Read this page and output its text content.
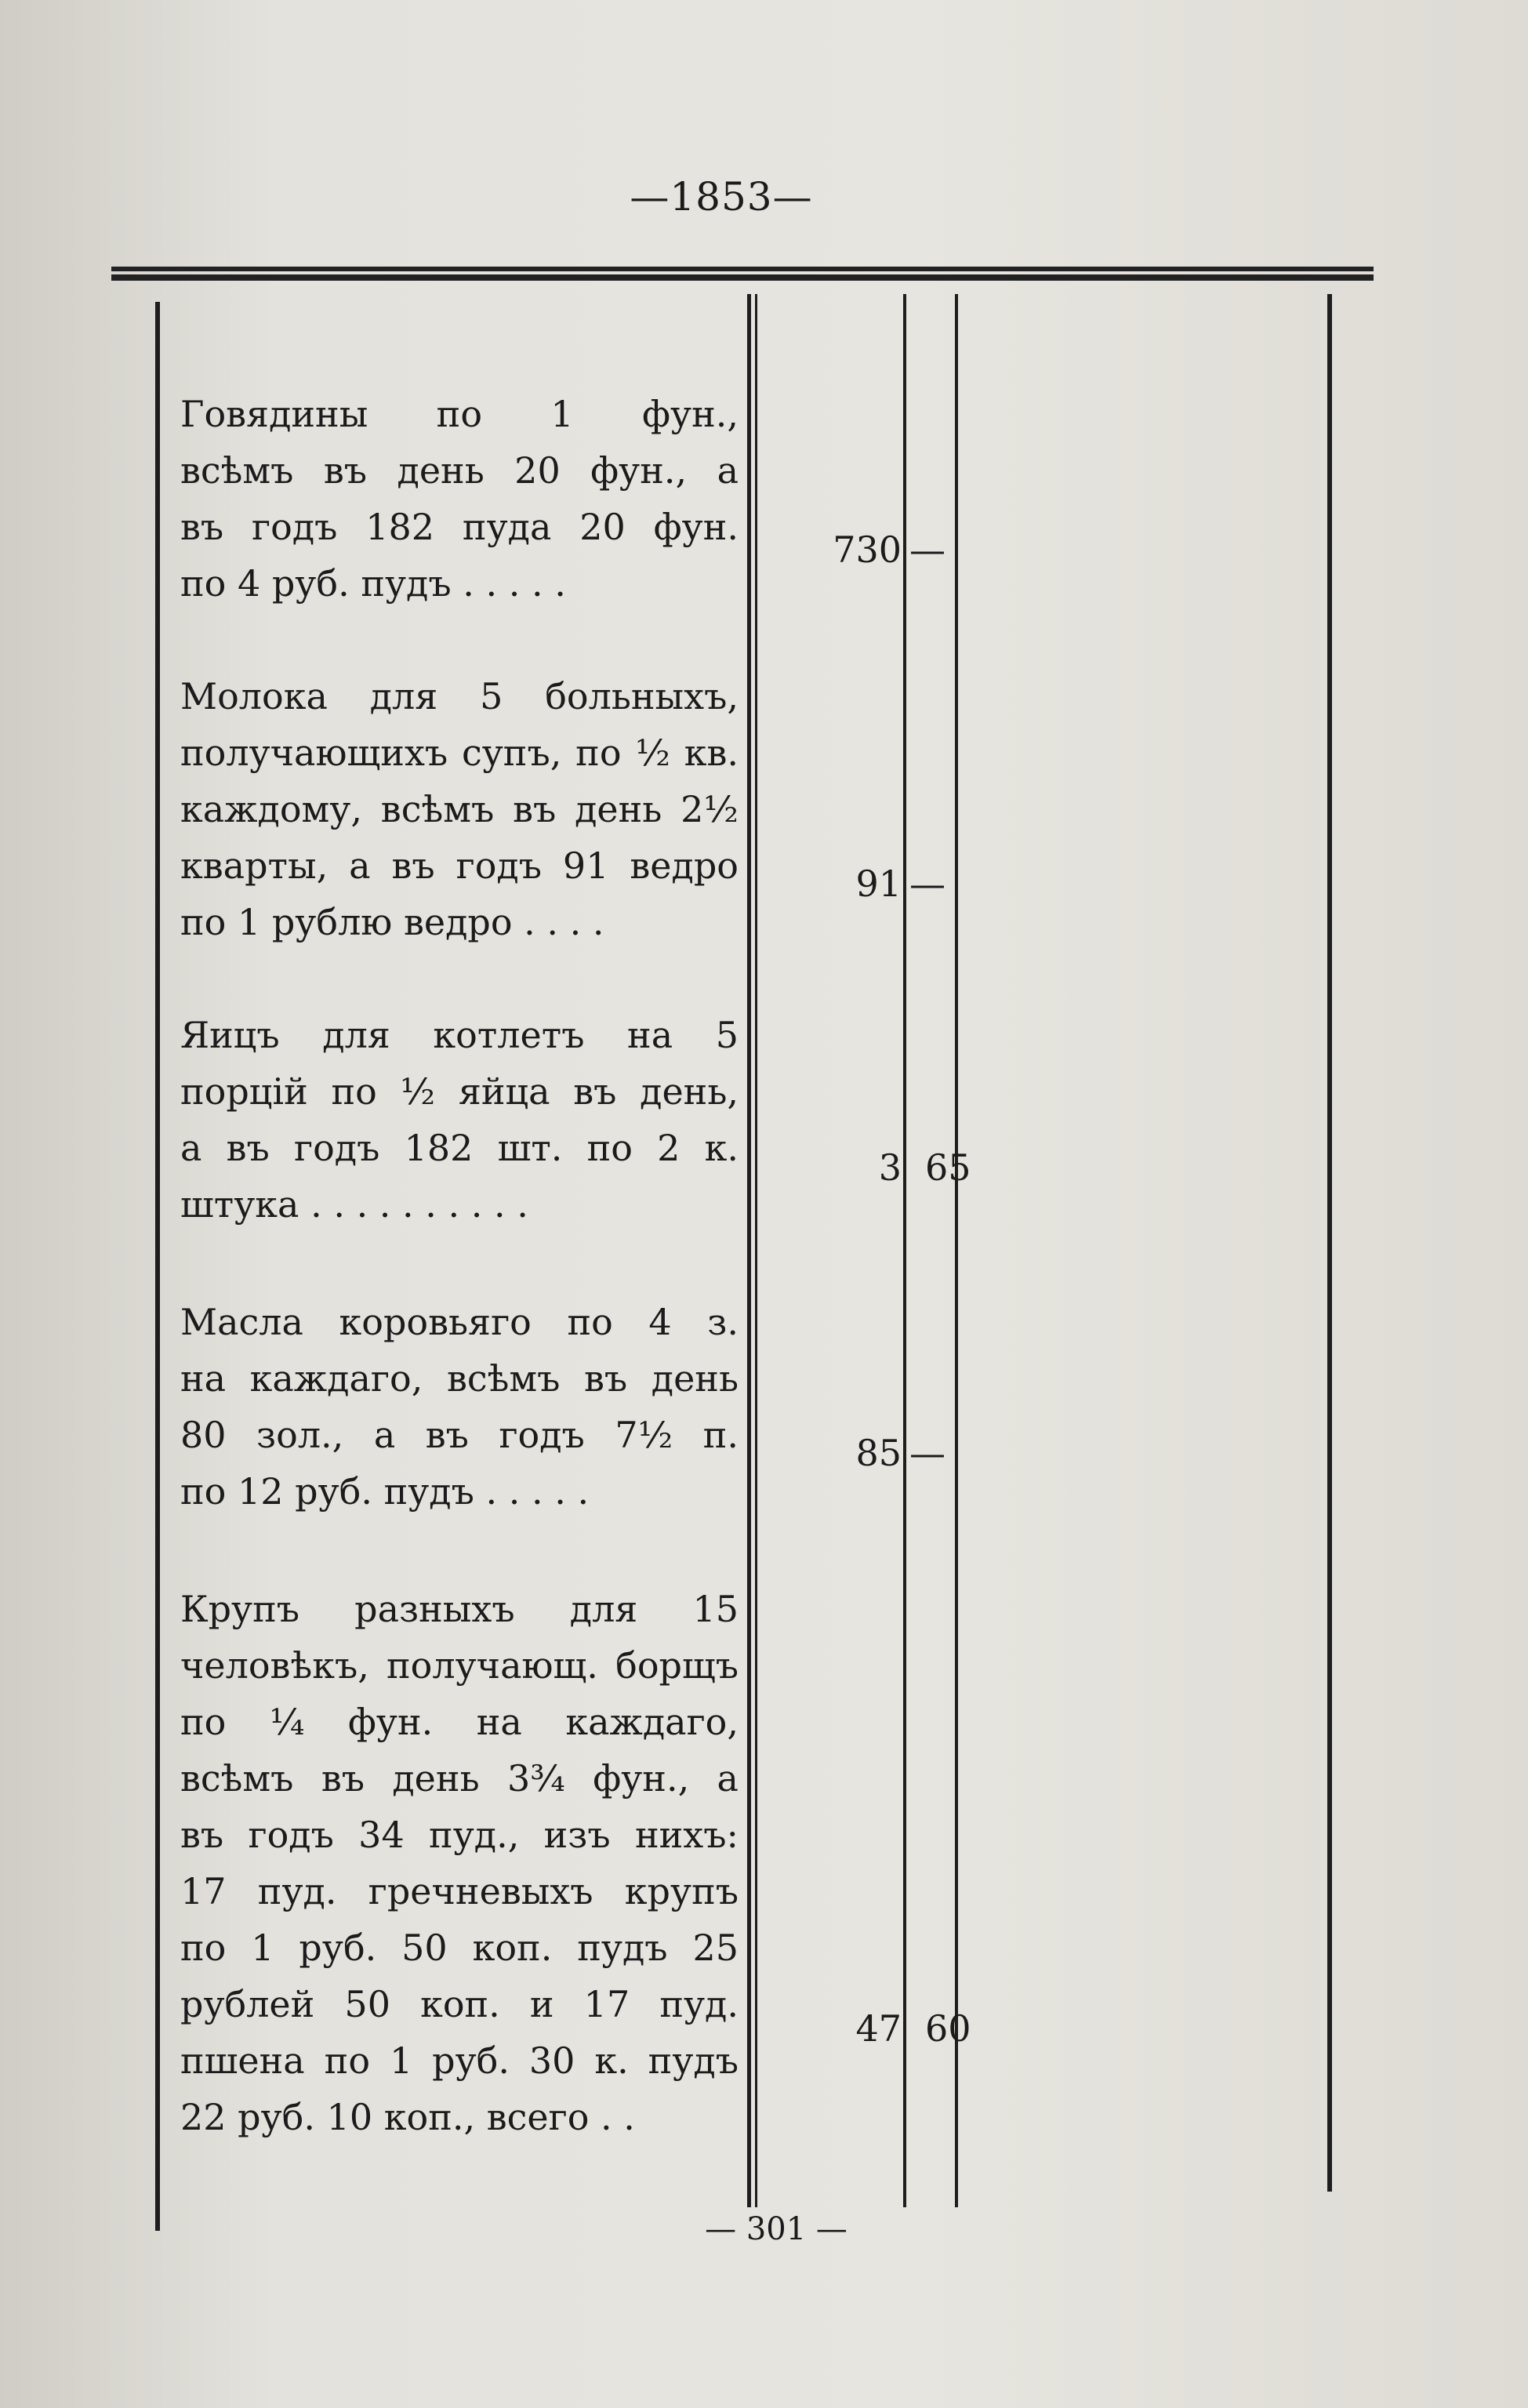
—1853—
Говядины по 1 фун.,
всѣмъ въ день 20 фун., а
въ годъ 182 пуда 20 фун.
по 4 руб. пудъ . . . . .
730 —
Молока для 5 больныхъ,
получающихъ супъ, по ½ кв.
каждому, всѣмъ въ день 2½
кварты, а въ годъ 91 ведро
по 1 рублю ведро . . . .
91 —
Яицъ для котлетъ на 5
порцій по ½ яйца въ день,
а въ годъ 182 шт. по 2 к.
штука . . . . . . . . . .
3 65
Масла коровьяго по 4 з.
на каждаго, всѣмъ въ день
80 зол., а въ годъ 7½ п.
по 12 руб. пудъ . . . . .
85 —
Крупъ разныхъ для 15
человѣкъ, получающ. борщъ
по ¼ фун. на каждаго,
всѣмъ въ день 3¾ фун., а
въ годъ 34 пуд., изъ нихъ:
17 пуд. гречневыхъ крупъ
по 1 руб. 50 коп. пудъ 25
рублей 50 коп. и 17 пуд.
пшена по 1 руб. 30 к. пудъ
22 руб. 10 коп., всего . .
47 60
— 301 —
